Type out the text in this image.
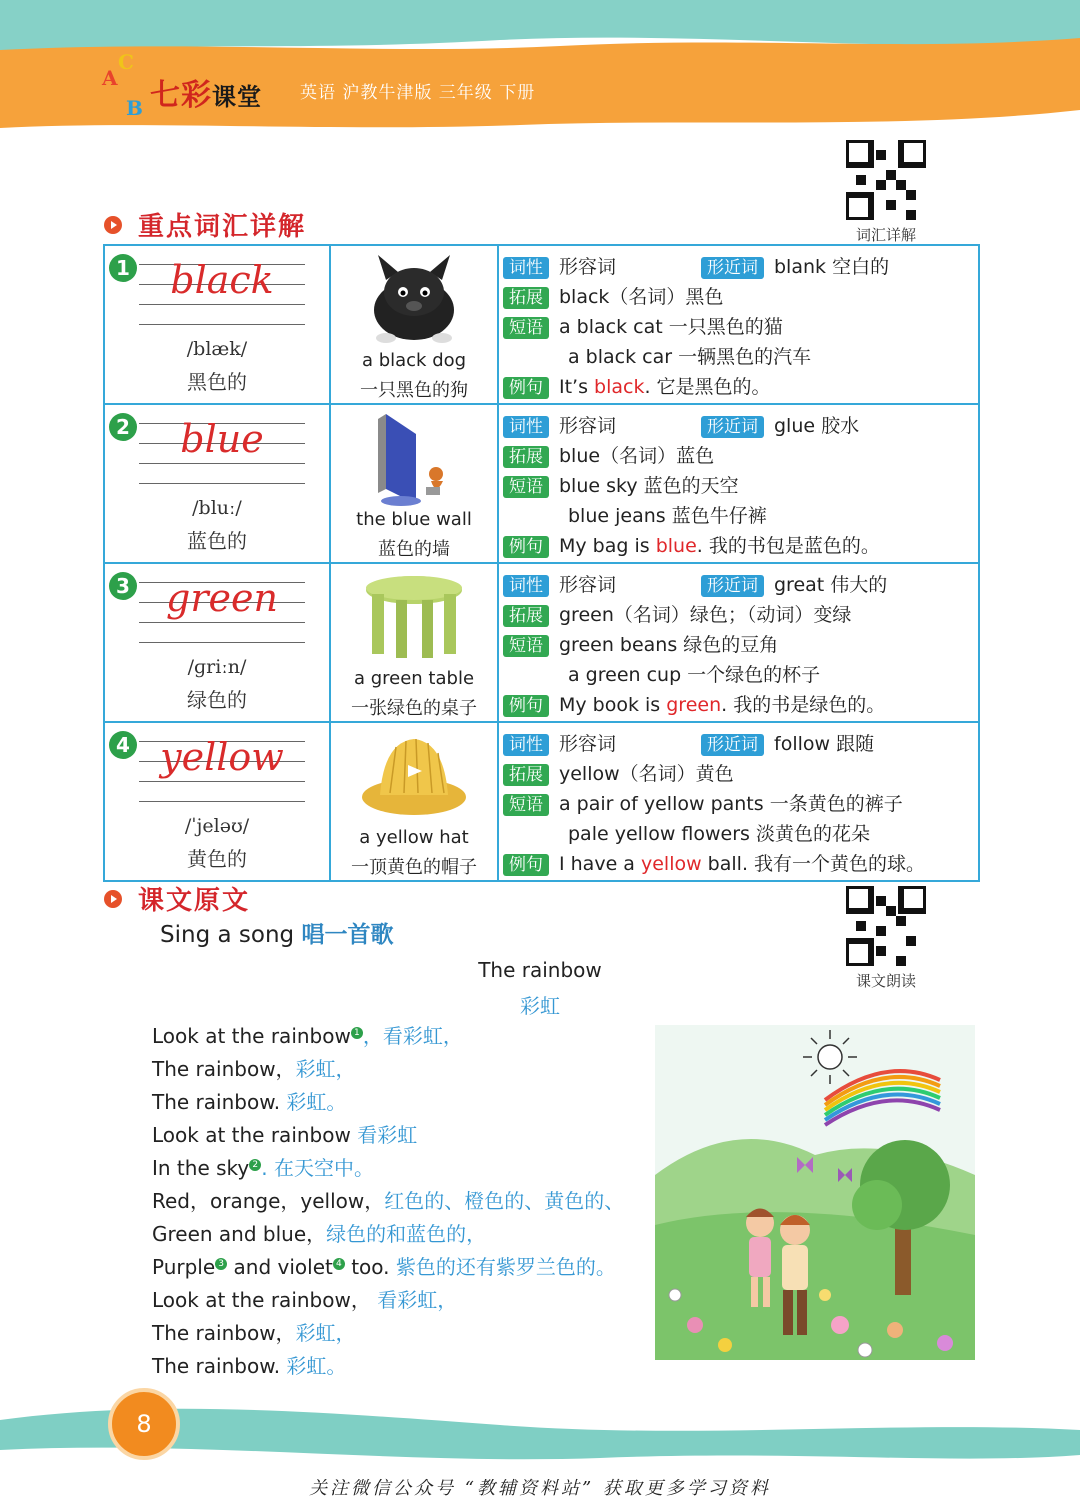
A
C
B 七彩课堂 英语 沪教牛津版 三年级 下册
词汇详解
课文朗读
重点词汇详解
1	black
/blæk/
黑色的
a black dog
一只黑色的狗
词性 形容词	形近词 blank 空白的
拓展 black（名词）黑色
短语 a black cat 一只黑色的猫
a black car 一辆黑色的汽车
例句 It’s black. 它是黑色的。
2	blue
/bluː/
蓝色的
the blue wall
蓝色的墙
词性 形容词	形近词 glue 胶水
拓展 blue（名词）蓝色
短语 blue sky 蓝色的天空
blue jeans 蓝色牛仔裤
例句 My bag is blue. 我的书包是蓝色的。
3 green
/ɡriːn/
绿色的
a green table
一张绿色的桌子
词性 形容词	形近词 great 伟大的
拓展 green（名词）绿色；（动词）变绿
短语 green beans 绿色的豆角
a green cup 一个绿色的杯子
例句 My book is green. 我的书是绿色的。
4 yellow
/ˈjeləʊ/
黄色的
a yellow hat
一顶黄色的帽子
词性 形容词	形近词 follow 跟随
拓展 yellow（名词）黄色
短语 a pair of yellow pants 一条黄色的裤子
pale yellow flowers 淡黄色的花朵
例句 I have a yellow ball. 我有一个黄色的球。
课文原文
Sing a song 唱一首歌
The rainbow
彩虹
Look at the rainbow $^1$ ，看彩虹，
The rainbow，彩虹，
The rainbow. 彩虹。
Look at the rainbow 看彩虹
In the sky $^2$ . 在天空中。
Red，orange，yellow，红色的、橙色的、黄色的、
Green and blue，绿色的和蓝色的，
Purple $^3$ and violet $^4$ too. 紫色的还有紫罗兰色的。
Look at the rainbow， 看彩虹，
The rainbow，彩虹，
The rainbow. 彩虹。
8
关注微信公众号 “教辅资料站” 获取更多学习资料
